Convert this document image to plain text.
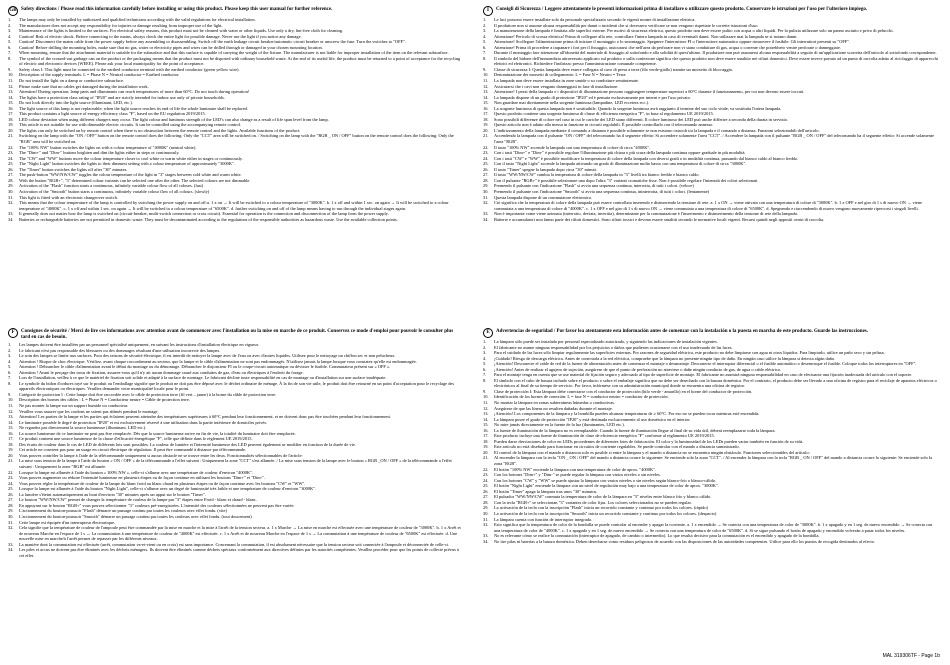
GB Safety directions / Please read this information carefully before installing or using this product. Please keep this user manual for further reference.
1.	The lamps may only be installed by authorized and qualified technicians according with the valid regulations for electrical installation.
2.	The manufacturer does not accept any responsibility for injuries or damage resulting from improper use of the light.
3.	Maintenance of the lights is limited to the surfaces. For electrical safety reasons, this product must not be cleaned with water or other liquids. Use only a dry, lint-free cloth for cleaning.
4.	Caution! Risk of electric shock. Before connecting to the mains, always check the entire light for possible damage. Never use the light if you notice any damage.
5.	Caution! Disconnect the mains cable from the power supply before any assembling or disassembling. Switch off the earth leakage circuit breaker/automatic circuit breaker or unscrew the fuse. Turn the switches to "OFF".
6.	Caution! Before drilling the mounting holes, make sure that no gas, water or electricity pipes and wires can be drilled through or damaged in your chosen mounting location.
7.	When mounting, ensure that the attachment material is suitable for the subsurface and that this surface is capable of carrying the weight of the fixture. The manufacturer is not liable for improper installation of the item on the relevant subsurface.
8.	The symbol of the crossed-out garbage can on the product or the packaging means that the product must not be disposed with ordinary household waste. At the end of its useful life, the product must be returned to a point of acceptance for the recycling of electric and electronic devices (WEEE). Please ask your local municipality for the point of acceptance.
9.	Safety class I: This light must be connected to the earthed conductor terminal with the earthed conductor (green yellow wire).
10.	Description of the supply terminals: L = Phase N = Neutral conductor = Earthed conductor.
11.	Do not install the light on a damp or conductive subsurface.
12.	Please make sure that no cables get damaged during the installation work.
13.	Attention! During operation, lamp parts and illuminants can reach temperatures of more than 60°C. Do not touch during operation!
14.	The lights have a protection class rating of "IP20" and are strictly intended for indoor use only of private households.
15.	Do not look directly into the light source (illuminant, LED, etc.).
16.	The light source of this lamp is not replaceable; when the light source reaches its end of life the whole luminaire shall be replaced.
17.	This product contains a light source of energy efficiency class "F", based on the EU regulation 2019/2015.
18.	LED colour deviation when using different chargers may occur. The light colour and luminous strength of the LED's can also change as a result of life span level from the lamp.
19.	This article is not suitable for use with dimmable electric circuits. It can be controlled using the accompanying remote control.
20.	The lights can only be switched on by remote control when there is no obstruction between the remote control and the lights. Available functions of the product:
21.	Switching on the lamp with the "ON / OFF" button on the remote control does the following: Only the "CCT" area will be switched on. / Switching on the lamp with the "RGB _ ON / OFF" button on the remote control does the following: Only the "RGB" area will be switched on.
22.	The "100% NW" button switches the lights on with a colour temperature of "4000K" (neutral white).
23.	The "Dim+" and "Dim-" buttons brighten and dim the lights either in steps or continuously.
24.	The "CW" and "WW" buttons move the colour temperature closer to cool white or warm white either in stages or continuously.
25.	The "Night Light" button switches the lights to their dimmest setting with a colour temperature of approximately "3000K".
26.	The "Timer" button switches the lights off after "30" minutes.
27.	The push-button "WW/NW/CW" toggles the colour temperature of the light in "3" stages between cold white and warm white.
28.	With the button "RGB+", "3" determined colour variants can be selected one after the other. The selected colours are not dimmable.
29.	Activation of the "Flash" function starts a continuous, infinitely variable colour flow of all colours. (fast)
30.	Activation of the "Smooth" button starts a continuous, infinitely variable colour flow of all colours. (slowly)
31.	This light is fitted with an electronic changeover switch.
32.	This means that the colour temperature of the lamp is controlled by switching the power supply on and off:a. 1 x on → It will be switched to a colour temperature of "3000K". b. 1 x off and within 1 sec. on again → It will be switched to a colour temperature of "4000K". c. 1 x off and within 1 sec. on again → It will be switched to a colour temperature of "6500K". d. further switching on and off of the lamp means having to run through the individual stages again.
33.	It generally does not matter how the lamp is switched on (circuit-breaker, multi-switch connection or cross circuit). Essential for operation is the connection and disconnection of the lamp from the power supply.
34.	Batteries or rechargeable batteries are not permitted in domestic waste. They must be decontaminated according to the regulations of the responsible authorities as hazardous waste. Use the available collection points.
F	Consignes de sécurité / Merci de lire ces informations avec attention avant de commencer avec l'installation ou la mise en marche de ce produit. Conservez ce mode d'emploi pour pouvoir le consulter plus tard en cas de besoin.
1.	Les lampes doivent être installées par un personnel spécialisé uniquement, en suivant les instructions d'installation électrique en vigueur.
2.	Le fabricant n'est pas responsable des blessures ou des dommages résultant d'une utilisation incorrecte des lampes.
3.	Le soin des lampes se limite aux surfaces. Pour des raisons de sécurité électrique, il est interdit de nettoyer la lampe avec de l'eau ou avec d'autres liquides. Utilisez pour le nettoyage un chiffon sec et non pelucheux.
4.	Attention ! Risque de choc électrique. Vérifiez, avant chaque raccordement au secteur, que la lampe et le câble d'alimentation ne sont pas endommagés. N'utilisez jamais la lampe lorsque vous constatez qu'elle est endommagée.
5.	Attention ! Débrancher le câble d'alimentation avant le début du montage ou du démontage. Débrancher le disjoncteur FI ou le coupe-circuit automatique ou dévisser le fusible. Commutateur présent sur « OFF ».
6.	Attention ! Avant le perçage des trous de fixation, assurez-vous qu'il n'y ait aucun dommage causé aux conduites de gaz, d'eau ou électriques à l'endroit du forage.
7.	Lors de l'installation, veillez à ce que le matériel de fixation soit solide et adapté à la surface de montage. Le fabricant décline toute responsabilité en cas de montage ou d'installation sur une surface inadéquate.
8.	Le symbole du bidon d'ordures rayé sur le produit ou l'emballage signifie que le produit ne doit pas être déposé avec le déchet ordinaire de ménage. À la fin de son vie utile, le produit doit être retourné en un point d'acceptation pour le recyclage des appareils électroniques ou électriques. Veuillez demander votre municipalité locale pour le point.
9.	Catégorie de protection I : Cette lampe doit être raccordée avec le câble de protection terre (fil vert – jaune) à la borne du câble de protection terre.
10.	Description des bornes des câbles : L = Phase N = Conducteur neutre = Câble de protection terre.
11.	Ne pas monter la lampe sur un support humide ou conducteur.
12.	Veuillez vous assurer que les cordons ne soient pas abîmés pendant le montage.
13.	Attention! Les parties de la lampe et les parties qui éclairent peuvent atteindre des températures supérieures à 60°C pendant leur fonctionnement, et ne doivent donc pas être touchées pendant leur fonctionnement.
14.	Le luminaire possède le degré de protection "IP20" et est exclusivement réservé à une utilisation dans la partie intérieure de domiciles privés.
15.	Ne regardez pas directement la source lumineuse (illuminant, LED etc.).
16.	La source lumineuse de ce luminaire ne peut pas être remplacée. Dès que la source lumineuse arrive en fin de vie, la totalité du luminaire doit être remplacée.
17.	Ce produit contient une source lumineuse de la classe d'efficacité énergétique "F", telle que définie dans le règlement UE 2019/2015.
18.	Des écarts de couleur dans le cas de LED de différents lots sont possibles. La couleur de lumière et l'intensité lumineuse des LED peuvent également se modifier en fonction de la durée de vie.
19.	Cet article ne convient pas pour un usage en circuit électrique de régulation. Il peut être commandé à distance par télécommande.
20.	Vous pouvez contrôler la lampe à l'aide de la télécommande uniquement si aucun obstacle ne se trouve entre les deux. Fonctionnalités sélectionnables de l'article:
21.	La mise sous tension de la lampe à l'aide du bouton « ON / OFF » de la télécommande a l'effet suivant : Uniquement la zone "CCT" s'est allumée. / La mise sous tension de la lampe avec le bouton « RGB _ON / OFF » de la télécommande a l'effet suivant : Uniquement la zone "RGB" est allumée.
22.	Lorsque la lampe est allumée à l'aide du bouton « 100% NW », celle-ci s'allume avec une température de couleur d'environ "4000K".
23.	Vous pouvez augmenter ou réduire l'intensité lumineuse en plusieurs étapes ou de façon continue en utilisant les boutons "Dim+" et "Dim-".
24.	Vous pouvez régler la température de couleur de la lampe du blanc froid au blanc chaud en plusieurs étapes ou de façon continue avec les boutons "CW" et "WW".
25.	Lorsque la lampe est allumée à l'aide du bouton "Night Light", celle-ci s'allume avec un degré de luminosité très faible et une température de couleur d'environ "3000K".
26.	La lumière s'éteint automatiquement au bout d'environ "30" minutes après un appui sur le bouton "Timer".
27.	Le bouton "WW/NW/CW" permet de changer la température de couleur de la lampe par "3" étapes entre Froid - blanc et chaud - blanc.
28.	En appuyant sur le bouton "RGB+" vous pouvez sélectionner "3" couleurs pré-enregistrées. L'intensité des couleurs sélectionnées ne peuvent pas être variée.
29.	L'actionnement du bouton-poussoir "Flash" démarre un passage continu par toutes les couleurs avec effet fondu. (vite)
30.	L'actionnement du bouton-poussoir "Smooth" démarre un passage continu par toutes les couleurs avec effet fondu. (tout doucement)
31.	Cette lampe est équipée d'un interrupteur électronique.
32.	Cela signifie que la température de couleur de l'ampoule peut être commandée par la mise en marche et la mise à l'arrêt de la tension secteur. a. 1 x Marche → La mise en marche est effectuée avec une température de couleur de "3000K". b. 1 x Arrêt et de nouveau Marche en l'espace de 1 s → La commutation à une température de couleur de "4000K" est effectuée. c. 1 x Arrêt et de nouveau Marche en l'espace de 1 s → La commutation à une température de couleur de "6500K" est effectuée. d. Une nouvelle mise en marche/à l'arrêt permet de repasser par les différents niveaux.
33.	La manière dont la commutation est effectuée (arrêt, commutation va-et-vient ou en croix) est sans importance. Concernant la commutation, il est absolument nécessaire que la tension secteur soit connectée à l'ampoule et déconnectée de celle-ci.
34.	Les piles et accus ne doivent pas être éliminés avec les déchets ménagers. Ils doivent être éliminés comme déchets spéciaux conformément aux directives définies par les autorités compétentes. Veuillez procéder pour que les points de collecte prévus à cet effet.
I	Consigli di Sicurezza / Leggere attentamente le presenti informazioni prima di installare o utilizzare questo prodotto. Conservare le istruzioni per l'uso per l'ulteriore impiego.
1.	Le luci possono essere installate solo da personale specializzato secondo le vigenti norme di installazione elettrica.
2.	Il produttore non si assume alcuna responsabilità per danni o incidenti che si dovessero verificare se non vengono rispettate le corrette istruzioni d'uso.
3.	La manutenzione della lampada è limitata alle superfici esterne. Per motivi di sicurezza elettrica, questo prodotto non deve essere pulito con acqua o altri liquidi. Per la pulizia utilizzare solo un panno asciutto e privo di pelucchi.
4.	Attenzione! Pericolo di scossa elettrica! Prima di collegare alla rete, controllare l'intera lampada in caso di eventuali danni. Non utilizzare mai la lampada se si notano danni.
5.	Attenzione! Scollegare l'alimentazione prima di iniziare il montaggio o lo smontaggio. Spegnere l'interruttore FI o l'interruttore automatico oppure rimuovere il fusibile. Gli interruttori presenti su "OFF".
6.	Attenzione! Prima di procedere a trapanare i fori per il fissaggio, assicurarsi che nell'area da perforare non vi siano condutture di gas, acqua o corrente che potrebbero venire perforate o danneggiate.
7.	Durante il montaggio fare attenzione all'idoneità del materiale di fissaggio al sottofondo e alla solidità di quest'ultimo. Il produttore non può assumersi alcuna responsabilità a seguito di un'applicazione scorretta dell'articolo al sottofondo corrispondente.
8.	Il simbolo del bidone dell'immondizia attraversato applicato sul prodotto o sulla confezione significa che questo prodotto non deve essere smaltito nei rifiuti domestici. Deve essere invece portato ad un punto di raccolta adatto al riciclaggio di apparecchi elettrici ed elettronici. Richiedere l'indirizzo presso l'amministrazione comunale competente.
9.	Classe di sicurezza I: Questa lampada deve essere collegata al cavo di presa a terra (filo verde-giallo) tramite un morsetto di bloccaggio.
10.	Denominazione dei morsetti di collegamento: L = Fase N = Neutro = Terra
11.	La lampada non deve essere installata in zone umide o su condotture semiintenate.
12.	Assicurarsi che i cavi non vengano danneggiati in fase di installazione.
13.	Attenzione! I pezzi della lampada e i dispositivi di illuminazione possono raggiungere temperature superiori a 60°C durante il funzionamento, per cui non devono essere toccati.
14.	La lampada dispone di un grado di protezione "IP20" ed è pensata esclusivamente per interni e per l'uso privato.
15.	Non guardare mai direttamente nella sorgente luminosa (lampadine, LED eccetera ecc.).
16.	La sorgente luminosa di questa lampada non è sostituibile. Quando la sorgente luminosa avrà raggiunto il termine del suo ciclo vitale, va sostituita l'intera lampada.
17.	Questo prodotto contiene una sorgente luminosa di classe di efficienza energetica "F", in base al regolamento UE 2019/2015.
18.	Sono possibili differenze di colore nel caso in cui le cariche dei LED siano differenti. Il colore luminoso dei LED può anche differire a seconda della durata in servizio.
19.	Questo articolo non è adatto alla messa in funzione in circuiti regolabili. È possibile controllarlo con il telecomando annesso.
20.	L'indirizzamento della lampada mediante il comando a distanza è possibile solamente se non esistono ostacoli tra la lampada e il comando a distanza. Funzioni selezionabili dell'articolo:
21.	Accendendo la lampada con il pulsante "ON / OFF" del telecomando ha il seguente effetto: Si accendere solamente l'area "CCT". / Accendere la lampada con il pulsante "RGB _ ON / OFF" del telecomando ha il seguente effetto: Si accende solamente l'area "RGB".
22.	Il tasto "100% NW" accende la lampada con una temperatura di colore di circa "4000K".
23.	Con i tasti "Dim+" e "Dim-" è possibile regolare l'illuminazione più chiara o più scura della lampada continua oppure graduale in più modalità.
24.	Con i tasti "CW" e "WW" è possibile modificare la temperatura di colore della lampada con diversi gradi o in modalità continua, passando dal bianco caldo al bianco freddo.
25.	Con il tasto "Night Light" accende la lampada attivando un grado di illuminazione molto basso con una temperatura di colore di circa "3000K".
26.	Il tasto "Timer" spegne la lampada dopo circa "30" minuti.
27.	Il tasto "WW/NW/CW" cambia la temperatura di colore della lampada in "3" livelli tra bianco freddo e bianco caldo.
28.	Con il pulsante "RGB+" è possibile selezionare una dopo l'altra "3" varianti cromatiche fisse. Non è possibile regolare l'intensità dei colori selezionati.
29.	Premendo il pulsante con l'indicazione "Flash" si avvia una sequenza continua, interrotta, di tutti i colori. (veloce)
30.	Premendo il pulsante con l'indicazione "Smooth" si avvia una sequenza continua, ininterrotta, di tutti i colori. (lentamente)
31.	Questa lampada dispone di un commutatore elettronico.
32.	Ciò significa che la temperatura di colore della lampada può essere controllata inserendo e disinserendo la tensione di rete. a. 1 x ON → viene attivata con una temperatura di colore di "3000K". b. 1 x OFF e nel giro di 1 s di nuovo ON → viene commutata a una temperatura di colore di "4000K". c. 1 x OFF e nel giro di 1 s di nuovo ON → viene commutata a una temperatura di colore di "6500K". d. Spegnendo e riaccendendo di nuovo vengono nuovamente ripercorsi i singoli livelli.
33.	Non è importante come viene azionata (interrotto, deviata, invertita), determinante per la commutazione è l'inserimento e disinserimento della tensione di rete della lampada.
34.	Batterie e accumulatori non fanno parte dei rifiuti domestici. Sono rifiuti tossici e devono essere smaltiti secondo le normative locali vigenti. Recarsi quindi negli appositi centri di raccolta.
E	Advertencias de seguridad / Por favor lea atentamente esta información antes de comenzar con la instalación o la puesta en marcha de este producto. Guarde las instrucciones.
1.	La lámpara sólo puede ser instalada por personal especializado autorizado, y siguiendo las indicaciones de instalación vigentes.
2.	El fabricante no asume ninguna responsabilidad por los perjuicios o daños que pudiesen ocasionarse con el uso inadecuado de las luces.
3.	Para el cuidado de las luces sólo limpiar regularmente las superficies externas. Por razones de seguridad eléctrica, este producto no debe limpiarse con agua ni otros líquidos. Para limpiarlo, utilice un paño seco y sin pelusa.
4.	¡Cuidado! Riesgo de descarga eléctrica. Antes de conectarla a la red eléctrica, compruebe que la lámpara no presente ningún tipo de daño. En ningún caso utilice la lámpara si detecta algún daño.
5.	¡Atención! Desconecte el cable de red de la fuente de alimentación antes de comenzar el montaje o desmontaje. Desconecte el interruptor diferencial o el fusible automático o desenrosque el fusible. Coloque todos los interruptores en "OFF".
6.	¡Atención! Antes de realizar el agujero de sujeción, asegúrese de que el punto de perforación no atraviese o dañe ningún conducto de gas, de agua o cable eléctrico.
7.	Para el montaje tenga en cuenta que se use material de fijación seguro y adecuado al tipo de superficie de montaje. El fabricante no asumirá ninguna responsabilidad en caso de efectuarse una fijación inadecuada del artículo con el soporte.
8.	El símbolo con el cubo de basura tachado sobre el producto o sobre el embalaje significa que no debe ser desechado con la basura doméstica. Por el contrario, el producto debe ser llevado a una oficina de registro para el reciclaje de aparatos eléctricos o electrónicos al final de su tiempo de servicio. Por favor, infórmese con su administración municipal donde se encuentra una oficina de registro.
9.	Clase de protección I: Esta lámpara debe conectarse con el conductor de protección (hilo verde - amarillo) en el borne del conductor de protección.
10.	Identificación de los bornes de conexión: L = fase N = conductor neutro = conductor de protección.
11.	No montar la lámpara en zonas subterráneas húmedas o conductivas.
12.	Asegúrese de que las líneas no resulten dañadas durante el montaje.
13.	¡Atención! Los componentes de la lámpara y la bombilla pueden alcanzar temperaturas de ≥ 60°C. Por eso no se pueden tocar mientras esté encendida.
14.	La lámpara posee el grado de protección "IP20" y está destinada exclusivamente al uso doméstico en el interior.
15.	No mire jamás directamente en la fuente de la luz (iluminantes, LED etc.).
16.	La fuente de iluminación de la lámpara no es reemplazable. Cuando la fuente de iluminación llegue al final de su vida útil, deberá reemplazarse toda la lámpara.
17.	Este producto incluye una fuente de iluminación de clase de eficiencia energética "F" conforme al reglamento UE 2019/2015.
18.	Pueden darse desviaciones de color en LEDs procedentes de diferentes lotes de fabricación. El color y la luminosidad de los LEDs pueden variar también en función de su vida.
19.	Este artículo no está diseñado para funcionar en circuitos de corriente regulables. Se puede controlar con el mando a distancia suministrado.
20.	El control de la lámpara con el mando a distancia solo es posible si entre la lámpara y el mando a distancia no se encuentra ningún obstáculo. Funciones seleccionables del artículo:
21.	Al encender la lámpara con la tecla "ON _ ON / OFF" del mando a distancia ocurre lo siguiente: Se enciende solo la zona "CCT". / Al encender la lámpara con la tecla "RGB _ ON / OFF" del mando a distancia ocurre lo siguiente: Se enciende solo la zona "RGB".
22.	El botón "100% NW" enciende la lámpara con una temperatura de color de aprox. "4000K".
23.	Con los botones "Dim+" y "Dim-" se puede regular la lámpara con varios niveles o sin niveles.
24.	Con los botones "CW" y "WW" se puede ajustar la lámpara con varios niveles o sin niveles según blanco-frío o blanco-cálido.
25.	El botón "Night Light" enciende la lámpara con un nivel de regulación muy bajo a una temperatura de color de aprox. "3000K".
26.	El botón "Timer" apaga la lámpara tras unos "30" minutos.
27.	El pulsador "WW/NW/CW" conmuta la temperatura de color de la lámpara en "3" niveles entre blanco frío y blanco cálido.
28.	Con la tecla "RGB+" se seleccionan "3" variantes de color fijas. Los colores seleccionados no se pueden regular.
29.	La activación de la tecla con la inscripción "Flash" inicia un recorrido constante y continuo por todos los colores. (rápido)
30.	La activación de la tecla con la inscripción "Smooth" inicia un recorrido constante y continuo por todos los colores. (despacio)
31.	La lámpara cuenta con función de interruptor integrada.
32.	Esto significa que la temperatura de color de la bombilla se puede controlar al encender y apagar la corriente. a. 1 x encendido → Se conecta con una temperatura de color de "3000K". b. 1 x apagado y en 1 seg. de nuevo encendido → Se conecta con una temperatura de color de "4000K". c. 1 x apagado y en 1 seg. de nuevo encendido → Se conecta con una temperatura de color de "6500K". d. Si se sigue pulsando el botón de apagado y encendido volverán a pasar todos los niveles.
33.	No es relevante cómo se realice la conmutación (interruptor de apagado, de cambio o intermedio). Lo que resulta decisivo para la conmutación es el encendido y apagado de la bombilla.
34.	No tire pilas ni baterías a la basura doméstica. Deben desecharse como residuos peligrosos de acuerdo con las disposiciones de las autoridades competentes. Utilice para ello los puntos de recogida destinados al efecto.
MAL 319306TF - Page 1b
